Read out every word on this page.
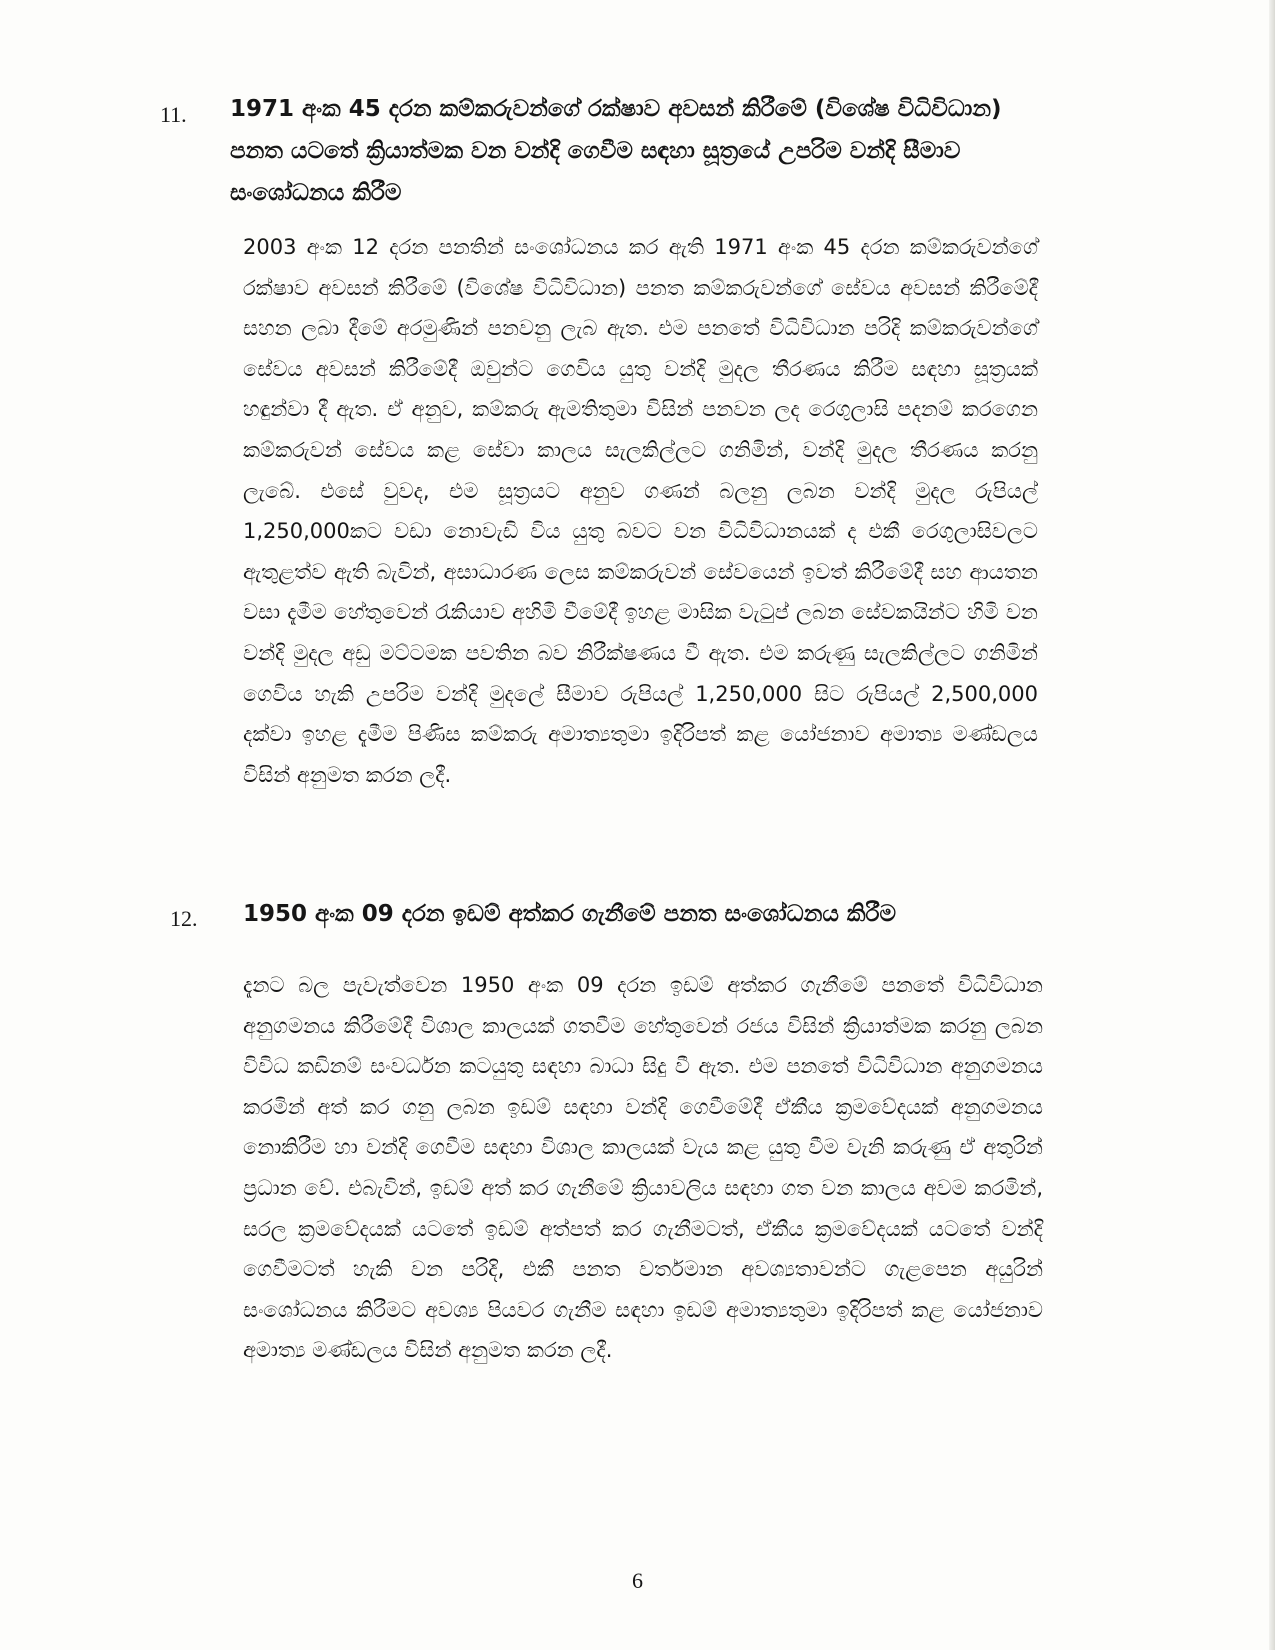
11. 1971 අංක 45 දරන කම්කරුවන්ගේ රක්ෂාව අවසන් කිරීමේ (විශේෂ විධිවිධාන) පනත යටතේ ක්‍රියාත්මක වන වන්දි ගෙවීම සඳහා සූත්‍රයේ උපරිම වන්දි සීමාව සංශෝධනය කිරීම
2003 අංක 12 දරන පනතින් සංශෝධනය කර ඇති 1971 අංක 45 දරන කම්කරුවන්ගේ රක්ෂාව අවසන් කිරීමේ (විශේෂ විධිවිධාන) පනත කම්කරුවන්ගේ සේවය අවසන් කිරීමේදී සහන ලබා දීමේ අරමුණින් පනවනු ලැබ ඇත. එම පනතේ විධිවිධාන පරිදි කම්කරුවන්ගේ සේවය අවසන් කිරීමේදී ඔවුන්ට ගෙවිය යුතු වන්දි මුදල තීරණය කිරීම සඳහා සූත්‍රයක් හඳුන්වා දී ඇත. ඒ අනුව, කම්කරු ඇමතිතුමා විසින් පනවන ලද රෙගුලාසි පදනම් කරගෙන කම්කරුවන් සේවය කළ සේවා කාලය සැලකිල්ලට ගනිමින්, වන්දි මුදල තීරණය කරනු ලැබේ. එසේ වුවද, එම සූත්‍රයට අනුව ගණන් බලනු ලබන වන්දි මුදල රුපියල් 1,250,000කට වඩා නොවැඩි විය යුතු බවට වන විධිවිධානයක් ද එකී රෙගුලාසිවලට ඇතුළත්ව ඇති බැවින්, අසාධාරණ ලෙස කම්කරුවන් සේවයෙන් ඉවත් කිරීමේදී සහ ආයතන වසා දැමීම හේතුවෙන් රැකියාව අහිමි වීමේදී ඉහළ මාසික වැටුප් ලබන සේවකයින්ට හිමි වන වන්දි මුදල අඩු මට්ටමක පවතින බව නිරීක්ෂණය වී ඇත. එම කරුණු සැලකිල්ලට ගනිමින් ගෙවිය හැකි උපරිම වන්දි මුදලේ සීමාව රුපියල් 1,250,000 සිට රුපියල් 2,500,000 දක්වා ඉහළ දැමීම පිණිස කම්කරු අමාත්‍යතුමා ඉදිරිපත් කළ යෝජනාව අමාත්‍ය මණ්ඩලය විසින් අනුමත කරන ලදී.
12. 1950 අංක 09 දරන ඉඩම් අත්කර ගැනීමේ පනත සංශෝධනය කිරීම
දැනට බල පැවැත්වෙන 1950 අංක 09 දරන ඉඩම් අත්කර ගැනීමේ පනතේ විධිවිධාන අනුගමනය කිරීමේදී විශාල කාලයක් ගතවීම හේතුවෙන් රජය විසින් ක්‍රියාත්මක කරනු ලබන විවිධ කඩිනම් සංවර්ධන කටයුතු සඳහා බාධා සිදු වී ඇත. එම පනතේ විධිවිධාන අනුගමනය කරමින් අත් කර ගනු ලබන ඉඩම් සඳහා වන්දි ගෙවීමේදී ඒකීය ක්‍රමවේදයක් අනුගමනය නොකිරීම හා වන්දි ගෙවීම සඳහා විශාල කාලයක් වැය කළ යුතු වීම වැනි කරුණු ඒ අතුරින් ප්‍රධාන වේ. එබැවින්, ඉඩම් අත් කර ගැනීමේ ක්‍රියාවලිය සඳහා ගත වන කාලය අවම කරමින්, සරල ක්‍රමවේදයක් යටතේ ඉඩම් අත්පත් කර ගැනීමටත්, ඒකීය ක්‍රමවේදයක් යටතේ වන්දි ගෙවීමටත් හැකි වන පරිදි, එකී පනත වර්තමාන අවශ්‍යතාවන්ට ගැළපෙන අයුරින් සංශෝධනය කිරීමට අවශ්‍ය පියවර ගැනීම සඳහා ඉඩම් අමාත්‍යතුමා ඉදිරිපත් කළ යෝජනාව අමාත්‍ය මණ්ඩලය විසින් අනුමත කරන ලදී.
6
